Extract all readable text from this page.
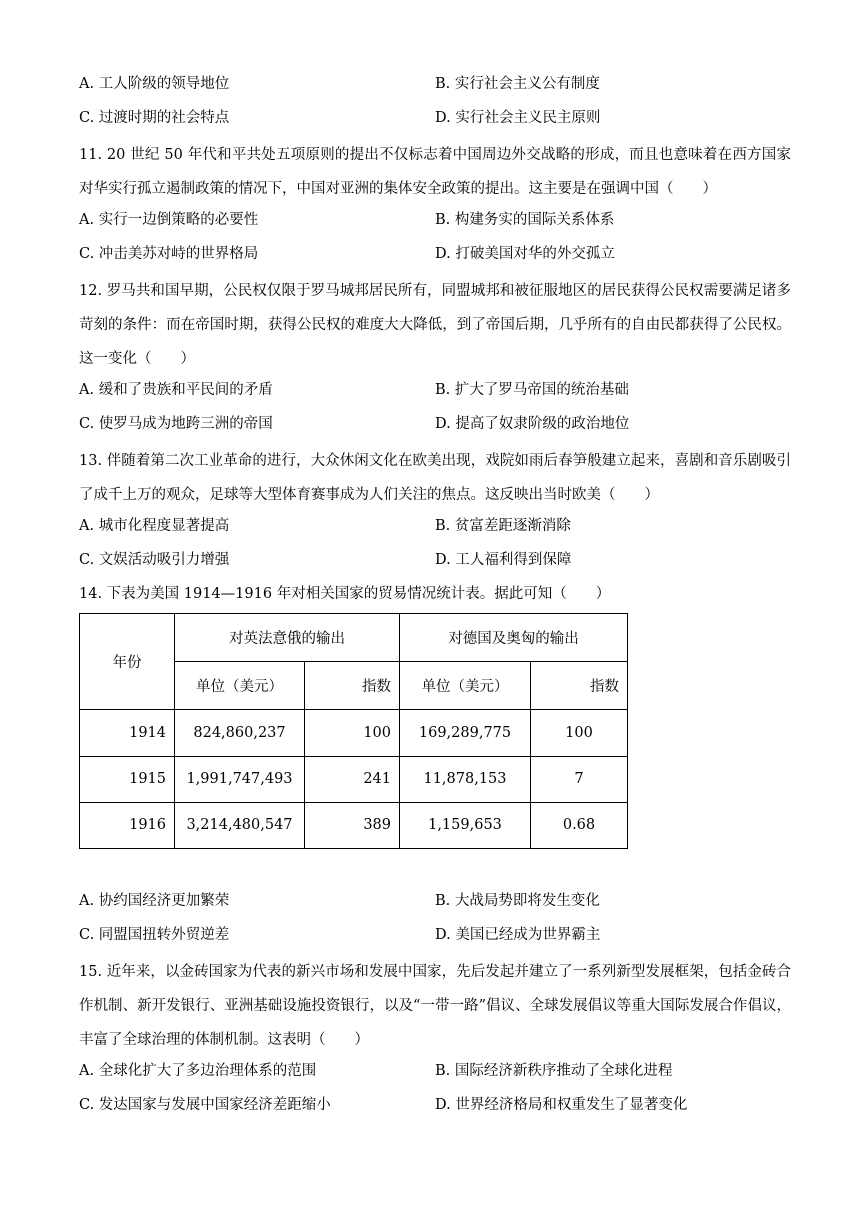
A. 工人阶级的领导地位	B. 实行社会主义公有制度
C. 过渡时期的社会特点	D. 实行社会主义民主原则
11. 20 世纪 50 年代和平共处五项原则的提出不仅标志着中国周边外交战略的形成，而且也意味着在西方国家对华实行孤立遏制政策的情况下，中国对亚洲的集体安全政策的提出。这主要是在强调中国（　　）
A. 实行一边倒策略的必要性	B. 构建务实的国际关系体系
C. 冲击美苏对峙的世界格局	D. 打破美国对华的外交孤立
12. 罗马共和国早期，公民权仅限于罗马城邦居民所有，同盟城邦和被征服地区的居民获得公民权需要满足诸多苛刻的条件：而在帝国时期，获得公民权的难度大大降低，到了帝国后期，几乎所有的自由民都获得了公民权。这一变化（　　）
A. 缓和了贵族和平民间的矛盾	B. 扩大了罗马帝国的统治基础
C. 使罗马成为地跨三洲的帝国	D. 提高了奴隶阶级的政治地位
13. 伴随着第二次工业革命的进行，大众休闲文化在欧美出现，戏院如雨后春笋般建立起来，喜剧和音乐剧吸引了成千上万的观众，足球等大型体育赛事成为人们关注的焦点。这反映出当时欧美（　　）
A. 城市化程度显著提高	B. 贫富差距逐渐消除
C. 文娱活动吸引力增强	D. 工人福利得到保障
14. 下表为美国 1914—1916 年对相关国家的贸易情况统计表。据此可知（　　）
年份	对英法意俄的输出		对德国及奥匈的输出	
	单位（美元）	指数	单位（美元）	指数
1914	824,860,237	100	169,289,775	100
1915	1,991,747,493	241	11,878,153	7
1916	3,214,480,547	389	1,159,653	0.68
A. 协约国经济更加繁荣	B. 大战局势即将发生变化
C. 同盟国扭转外贸逆差	D. 美国已经成为世界霸主
15. 近年来，以金砖国家为代表的新兴市场和发展中国家，先后发起并建立了一系列新型发展框架，包括金砖合作机制、新开发银行、亚洲基础设施投资银行，以及“一带一路”倡议、全球发展倡议等重大国际发展合作倡议，丰富了全球治理的体制机制。这表明（　　）
A. 全球化扩大了多边治理体系的范围	B. 国际经济新秩序推动了全球化进程
C. 发达国家与发展中国家经济差距缩小	D. 世界经济格局和权重发生了显著变化
